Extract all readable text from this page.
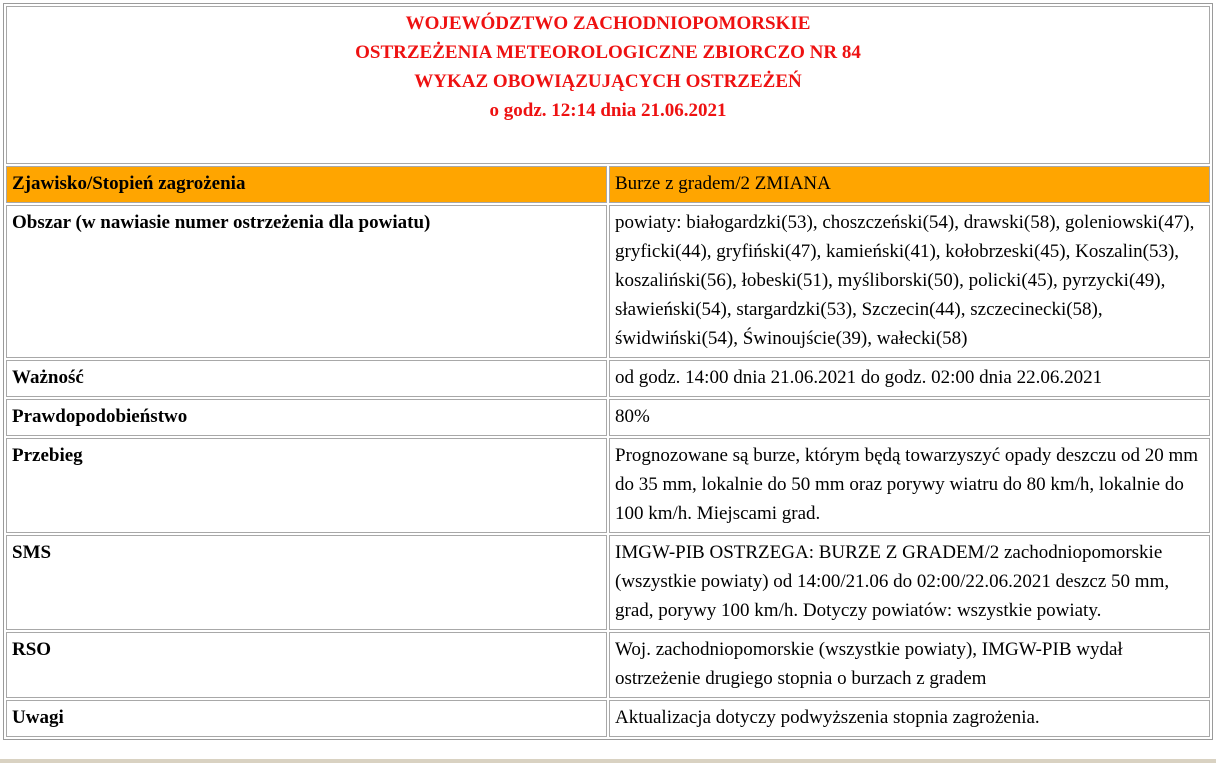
WOJEWÓDZTWO ZACHODNIOPOMORSKIE
OSTRZEŻENIA METEOROLOGICZNE ZBIORCZO NR 84
WYKAZ OBOWIĄZUJĄCYCH OSTRZEŻEŃ
o godz. 12:14 dnia 21.06.2021	

Zjawisko/Stopień zagrożenia	Burze z gradem/2 ZMIANA
Obszar (w nawiasie numer ostrzeżenia dla powiatu)	powiaty: białogardzki(53), choszczeński(54), drawski(58), goleniowski(47), gryficki(44), gryfiński(47), kamieński(41), kołobrzeski(45), Koszalin(53), koszaliński(56), łobeski(51), myśliborski(50), policki(45), pyrzycki(49), sławieński(54), stargardzki(53), Szczecin(44), szczecinecki(58), świdwiński(54), Świnoujście(39), wałecki(58)
Ważność	od godz. 14:00 dnia 21.06.2021 do godz. 02:00 dnia 22.06.2021
Prawdopodobieństwo	80%
Przebieg	Prognozowane są burze, którym będą towarzyszyć opady deszczu od 20 mm do 35 mm, lokalnie do 50 mm oraz porywy wiatru do 80 km/h, lokalnie do 100 km/h. Miejscami grad.
SMS	IMGW-PIB OSTRZEGA: BURZE Z GRADEM/2 zachodniopomorskie (wszystkie powiaty) od 14:00/21.06 do 02:00/22.06.2021 deszcz 50 mm, grad, porywy 100 km/h. Dotyczy powiatów: wszystkie powiaty.
RSO	Woj. zachodniopomorskie (wszystkie powiaty), IMGW-PIB wydał ostrzeżenie drugiego stopnia o burzach z gradem
Uwagi	Aktualizacja dotyczy podwyższenia stopnia zagrożenia.
